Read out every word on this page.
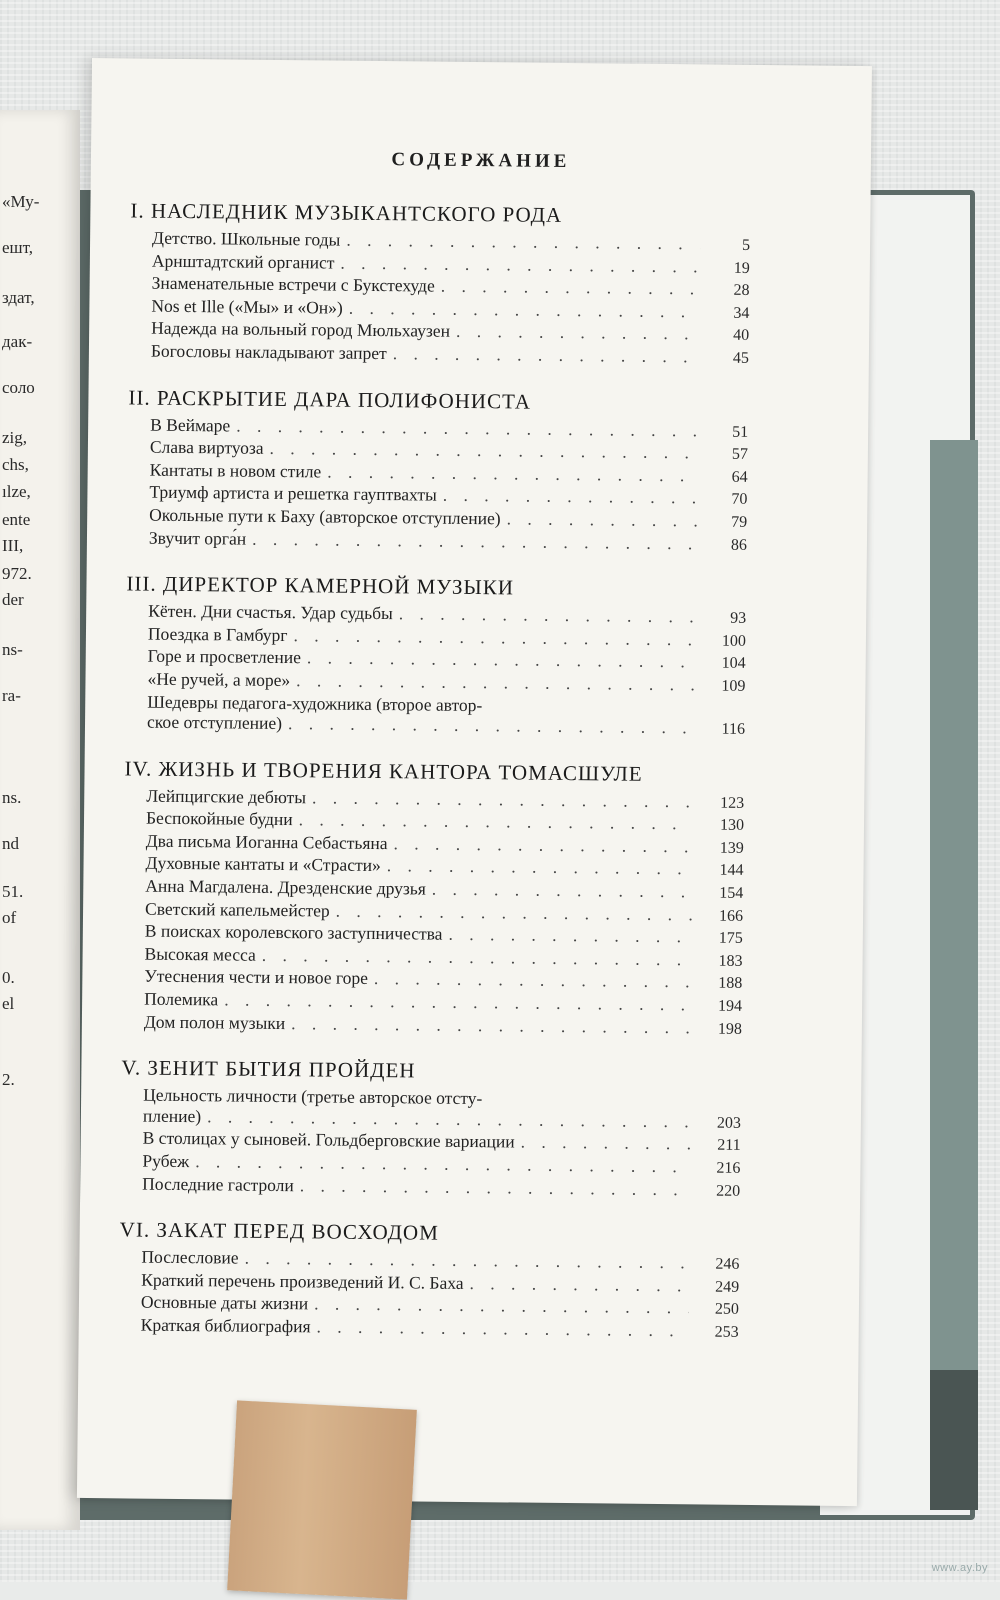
«Му-
ешт,
здат,
дак-
соло
zig,
chs,
ılze,
ente
III,
972.
der
ns-
ra-
ns.
nd
51.
of
0.
el
2.
СОДЕРЖАНИЕ
I. НАСЛЕДНИК МУЗЫКАНТСКОГО РОДА
Детство. Школьные годы . . .	5
Арнштадтский органист . . .	19
Знаменательные встречи с Букстехуде . . .	28
Nos et Ille («Мы» и «Он») . . .	34
Надежда на вольный город Мюльхаузен . . .	40
Богословы накладывают запрет . . .	45
II. РАСКРЫТИЕ ДАРА ПОЛИФОНИСТА
В Веймаре . . .	51
Слава виртуоза . . .	57
Кантаты в новом стиле . . .	64
Триумф артиста и решетка гауптвахты . . .	70
Окольные пути к Баху (авторское отступление) . . .	79
Звучит орга́н . . .	86
III. ДИРЕКТОР КАМЕРНОЙ МУЗЫКИ
Кётен. Дни счастья. Удар судьбы . . .	93
Поездка в Гамбург . . .	100
Горе и просветление . . .	104
«Не ручей, а море» . . .	109
Шедевры педагога-художника (второе автор-
ское отступление) . . .	116
IV. ЖИЗНЬ И ТВОРЕНИЯ КАНТОРА ТОМАСШУЛЕ
Лейпцигские дебюты . . .	123
Беспокойные будни . . .	130
Два письма Иоганна Себастьяна . . .	139
Духовные кантаты и «Страсти» . . .	144
Анна Магдалена. Дрезденские друзья . . .	154
Светский капельмейстер . . .	166
В поисках королевского заступничества . . .	175
Высокая месса . . .	183
Утеснения чести и новое горе . . .	188
Полемика . . .	194
Дом полон музыки . . .	198
V. ЗЕНИТ БЫТИЯ ПРОЙДЕН
Цельность личности (третье авторское отсту-
пление) . . .	203
В столицах у сыновей. Гольдберговские вариации . . .	211
Рубеж . . .	216
Последние гастроли . . .	220
VI. ЗАКАТ ПЕРЕД ВОСХОДОМ
Послесловие . . .	246
Краткий перечень произведений И. С. Баха . . .	249
Основные даты жизни . . .	250
Краткая библиография . . .	253
www.ay.by
